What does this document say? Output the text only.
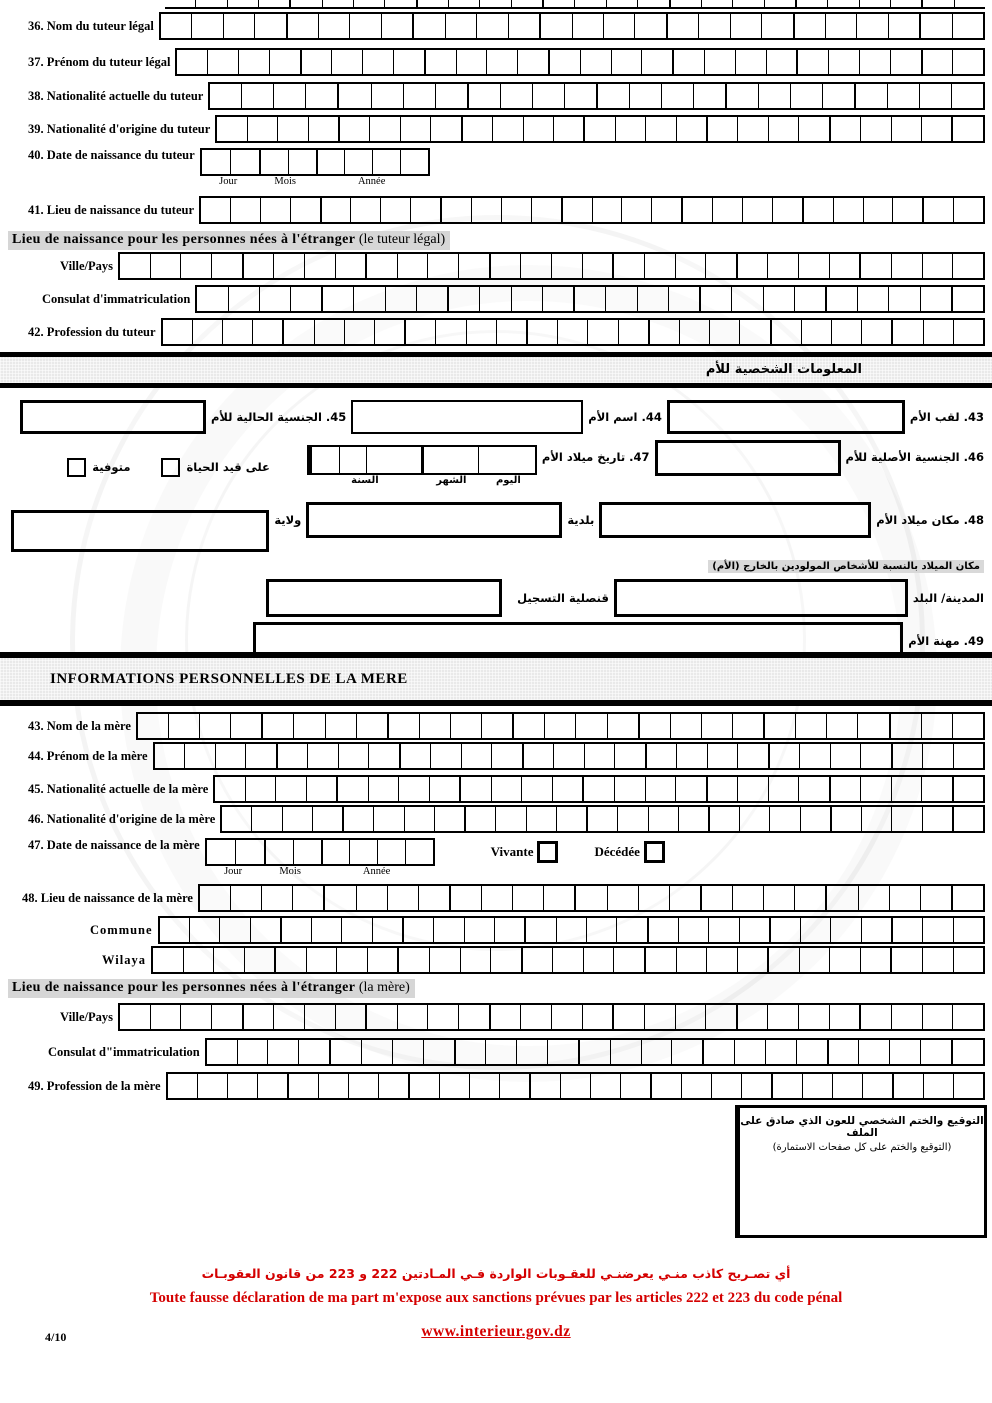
36. Nom du tuteur légal
37. Prénom du tuteur légal
38. Nationalité actuelle du tuteur
39. Nationalité d'origine du tuteur
40. Date de naissance du tuteur
Jour	Mois	Année
41. Lieu de naissance du tuteur
Lieu de naissance pour les personnes nées à l'étranger (le tuteur légal)
Ville/Pays
Consulat d'immatriculation
42. Profession du tuteur
المعلومات الشخصية للأم
43. لقب الأم
44. اسم الأم
45. الجنسية الحالية للأم
46. الجنسية الأصلية للأم
47. تاريخ ميلاد الأم
اليوم
الشهر
السنة
على قيد الحياة
متوفية
48. مكان ميلاد الأم
بلدية
ولاية
مكان الميلاد بالنسبة للأشخاص المولودين بالخارج (الأم)
المدينة/ البلد
قنصلية التسجيل
49. مهنة الأم
INFORMATIONS PERSONNELLES DE LA MERE
43. Nom de la mère
44. Prénom de la mère
45. Nationalité actuelle de la mère
46. Nationalité d'origine de la mère
47. Date de naissance de la mère
Jour	Mois	Année
Vivante	Décédée
48. Lieu de naissance de la mère
Commune
Wilaya
Lieu de naissance pour les personnes nées à l'étranger (la mère)
Ville/Pays
Consulat d"immatriculation
49. Profession de la mère
التوقيع والختم الشخصي للعون الذي صادق على الملف
(التوقيع والختم على كل صفحات الاستمارة)
أي تصـريح كاذب منـي يعرضنـي للعقـوبات الواردة فـي المـادتين 222 و 223 من قانون العقوبـات
Toute fausse déclaration de ma part m'expose aux sanctions prévues par les articles 222 et 223 du code pénal
4/10	www.interieur.gov.dz
